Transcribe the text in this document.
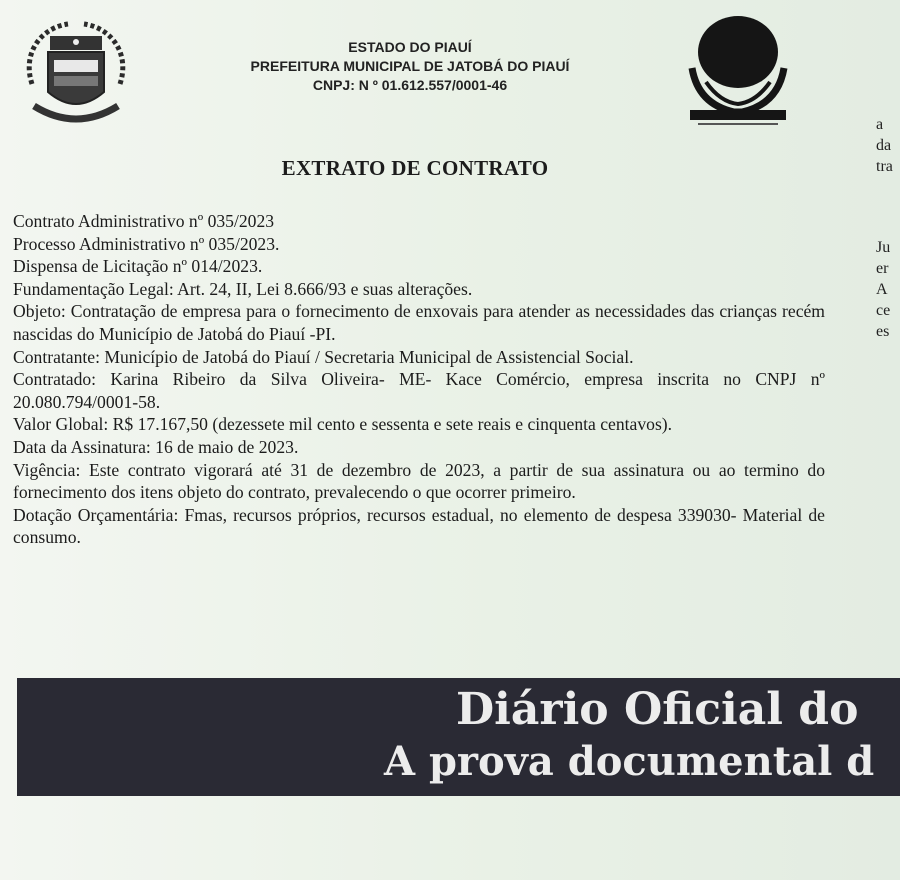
ESTADO DO PIAUÍ
PREFEITURA MUNICIPAL DE JATOBÁ DO PIAUÍ
CNPJ: N º 01.612.557/0001-46
EXTRATO DE CONTRATO

Contrato Administrativo nº 035/2023

Processo Administrativo nº 035/2023.

Dispensa de Licitação nº 014/2023.

Fundamentação Legal: Art. 24, II, Lei 8.666/93 e suas alterações.

Objeto: Contratação de empresa para o fornecimento de enxovais para atender as necessidades das crianças recém nascidas do Município de Jatobá do Piauí -PI.

Contratante: Município de Jatobá do Piauí / Secretaria Municipal de Assistencial Social.

Contratado: Karina Ribeiro da Silva Oliveira- ME- Kace Comércio, empresa inscrita no CNPJ nº 20.080.794/0001-58.

Valor Global: R$ 17.167,50 (dezessete mil cento e sessenta e sete reais e cinquenta centavos).

Data da Assinatura: 16 de maio de 2023.

Vigência: Este contrato vigorará até 31 de dezembro de 2023, a partir de sua assinatura ou ao termino do fornecimento dos itens objeto do contrato, prevalecendo o que ocorrer primeiro.

Dotação Orçamentária: Fmas, recursos próprios, recursos estadual, no elemento de despesa 339030- Material de consumo.

a
da
tra
Ju
er
A
ce
es
Diário Oficial do
A prova documental d
